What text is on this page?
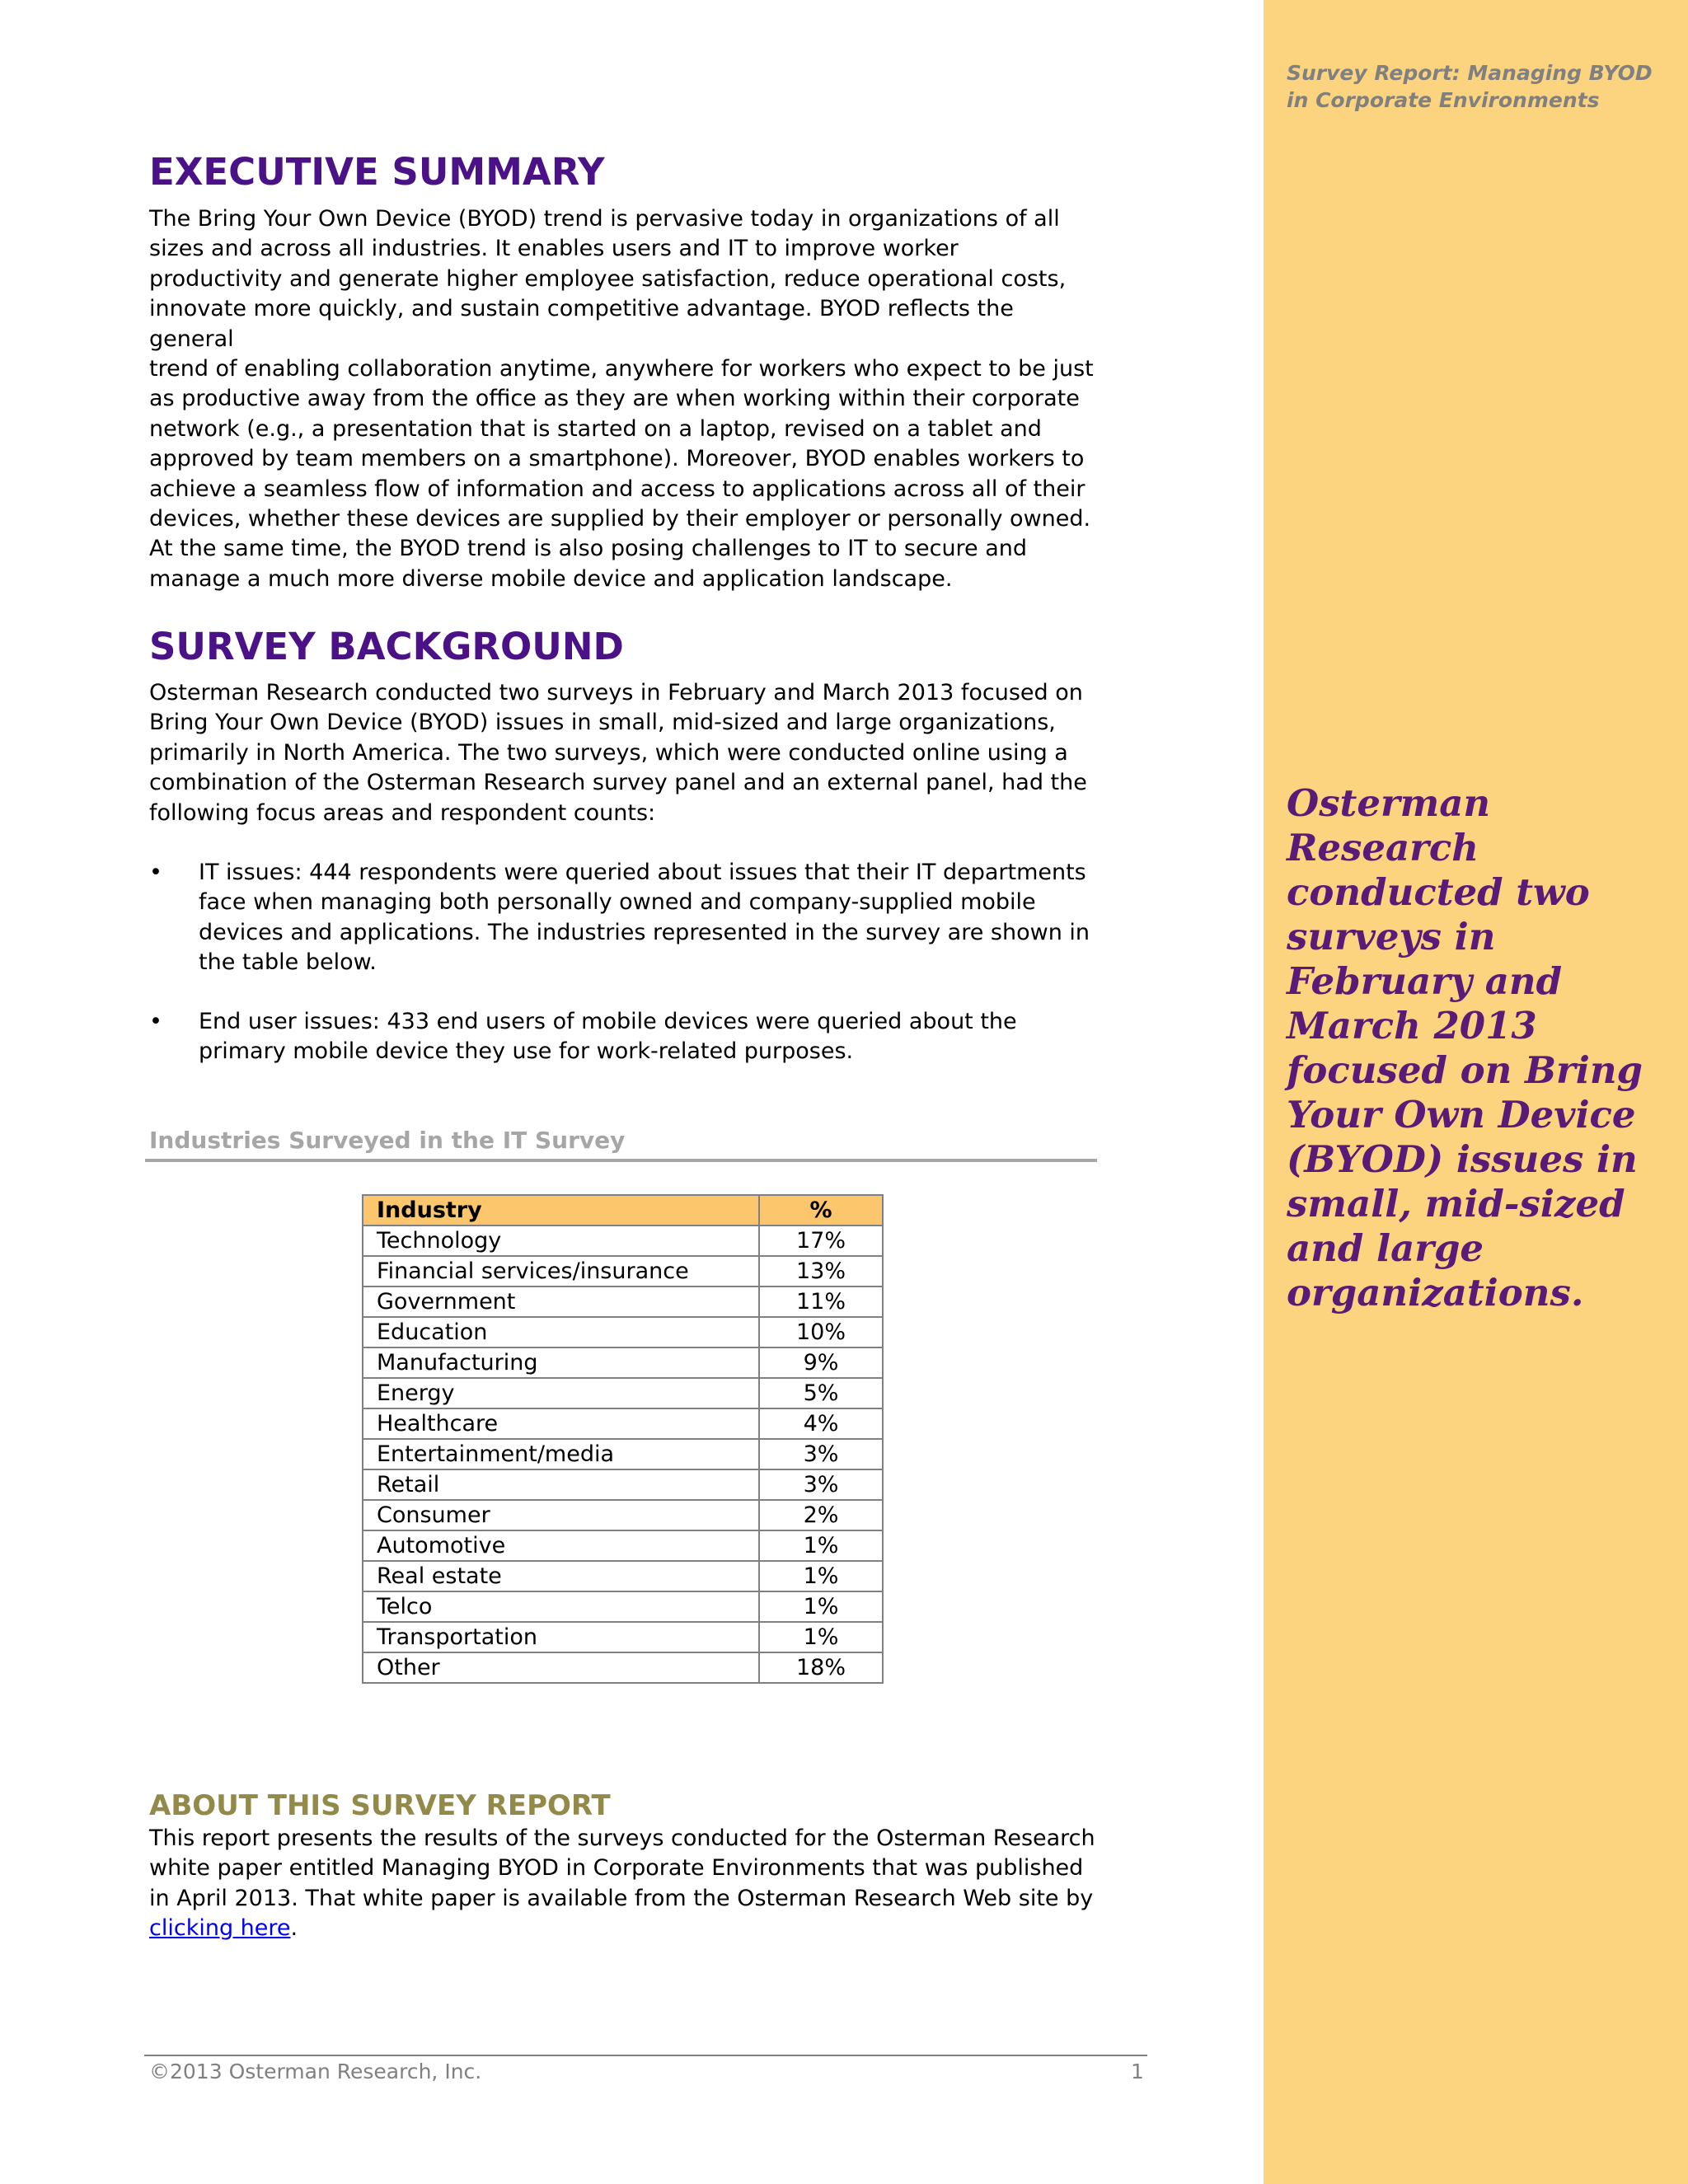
Survey Report: Managing BYOD
in Corporate Environments
Osterman Research conducted two surveys in February and March 2013 focused on Bring Your Own Device (BYOD) issues in small, mid-sized and large organizations.
EXECUTIVE SUMMARY

The Bring Your Own Device (BYOD) trend is pervasive today in organizations of all
sizes and across all industries. It enables users and IT to improve worker
productivity and generate higher employee satisfaction, reduce operational costs,
innovate more quickly, and sustain competitive advantage. BYOD reflects the general
trend of enabling collaboration anytime, anywhere for workers who expect to be just
as productive away from the office as they are when working within their corporate
network (e.g., a presentation that is started on a laptop, revised on a tablet and
approved by team members on a smartphone). Moreover, BYOD enables workers to
achieve a seamless flow of information and access to applications across all of their
devices, whether these devices are supplied by their employer or personally owned.
At the same time, the BYOD trend is also posing challenges to IT to secure and
manage a much more diverse mobile device and application landscape.

SURVEY BACKGROUND

Osterman Research conducted two surveys in February and March 2013 focused on
Bring Your Own Device (BYOD) issues in small, mid-sized and large organizations,
primarily in North America. The two surveys, which were conducted online using a
combination of the Osterman Research survey panel and an external panel, had the
following focus areas and respondent counts:

•	IT issues: 444 respondents were queried about issues that their IT departments
face when managing both personally owned and company-supplied mobile
devices and applications. The industries represented in the survey are shown in
the table below.
•	End user issues: 433 end users of mobile devices were queried about the
primary mobile device they use for work-related purposes.
Industries Surveyed in the IT Survey
Industry	%
Technology	17%
Financial services/insurance	13%
Government	11%
Education	10%
Manufacturing	9%
Energy	5%
Healthcare	4%
Entertainment/media	3%
Retail	3%
Consumer	2%
Automotive	1%
Real estate	1%
Telco	1%
Transportation	1%
Other	18%
ABOUT THIS SURVEY REPORT

This report presents the results of the surveys conducted for the Osterman Research
white paper entitled Managing BYOD in Corporate Environments that was published
in April 2013. That white paper is available from the Osterman Research Web site by
clicking here.

©2013 Osterman Research, Inc.	1
